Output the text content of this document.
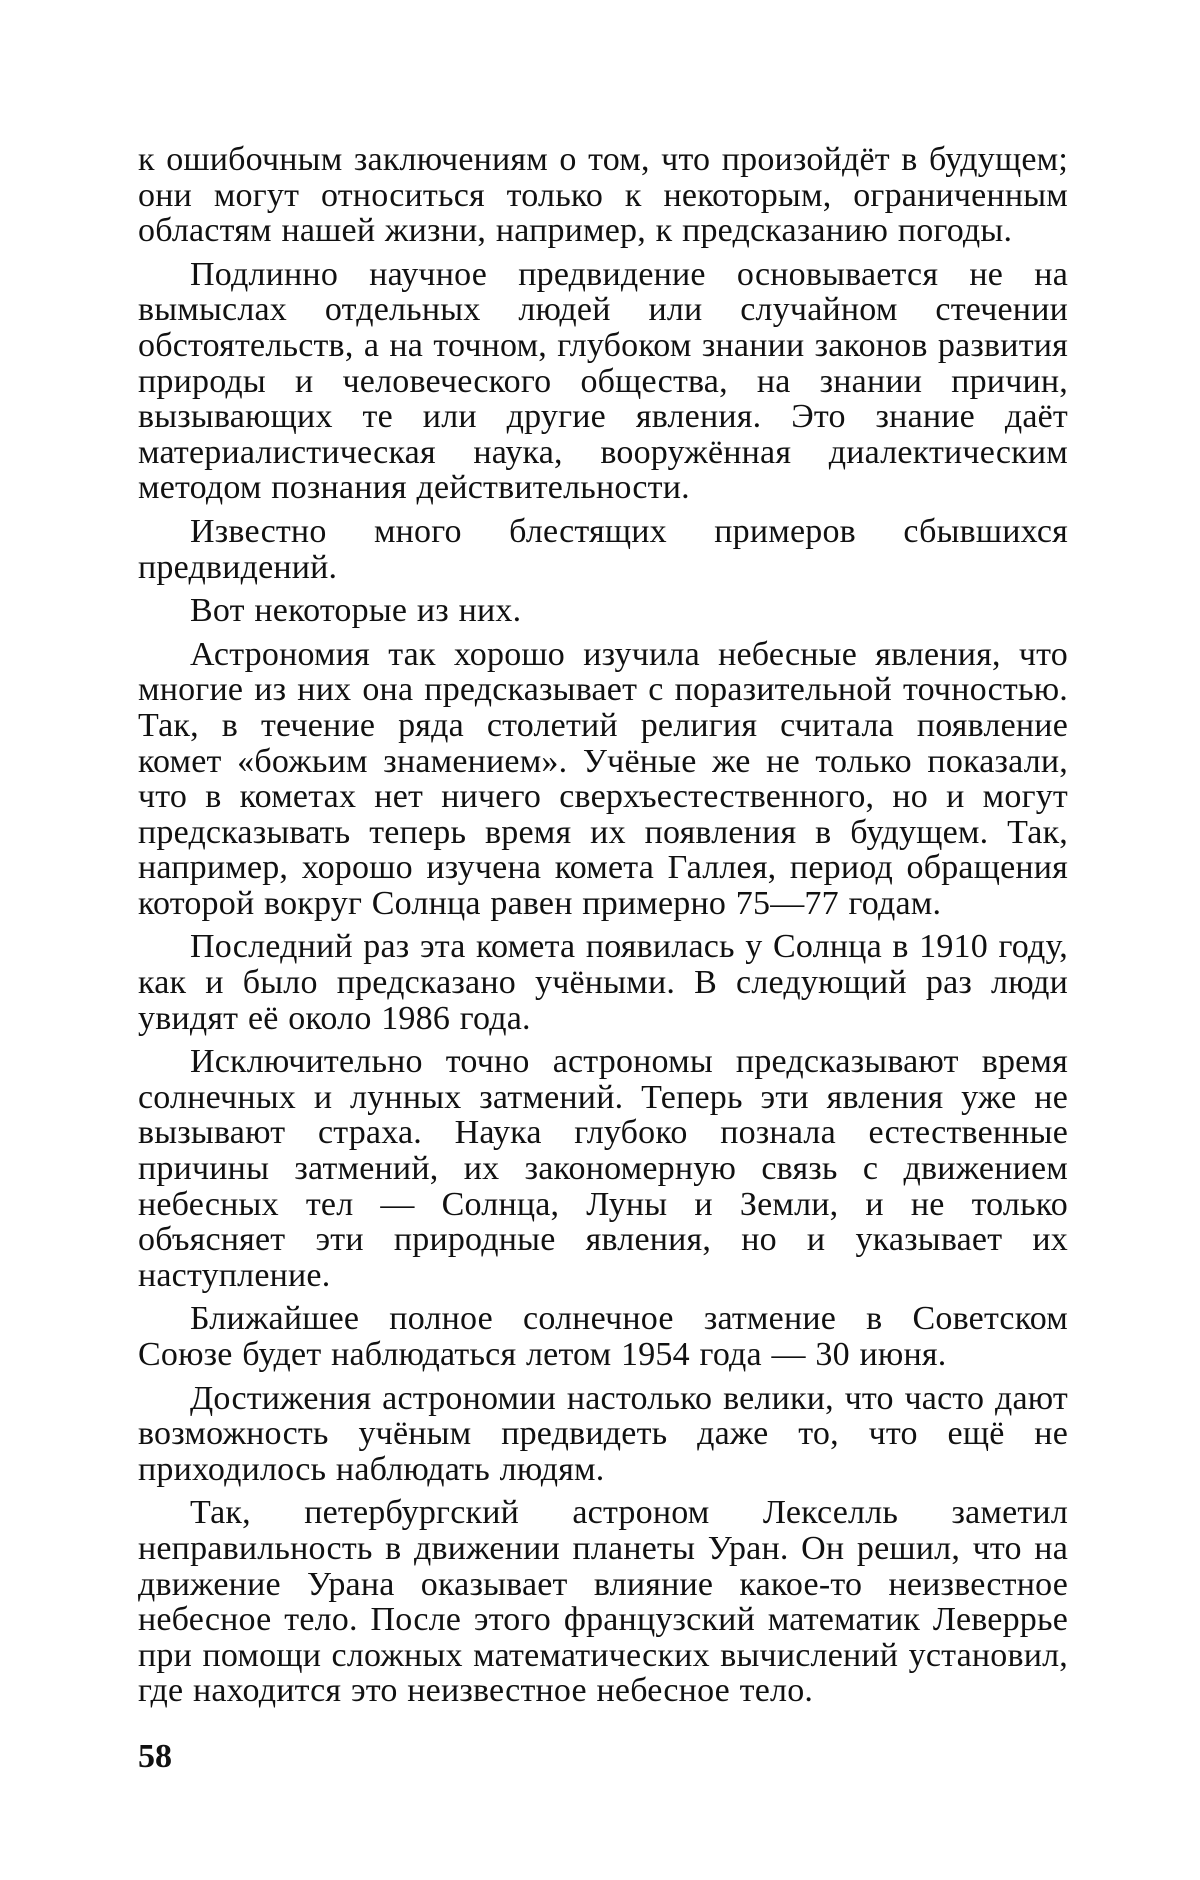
к ошибочным заключениям о том, что произойдёт в будущем; они могут относиться только к некоторым, ограниченным областям нашей жизни, например, к предсказанию погоды.

Подлинно научное предвидение основывается не на вымыслах отдельных людей или случайном стечении обстоятельств, а на точном, глубоком знании законов развития природы и человеческого общества, на знании причин, вызывающих те или другие явления. Это знание даёт материалистическая наука, вооружённая диалектическим методом познания действительности.

Известно много блестящих примеров сбывшихся предвидений.

Вот некоторые из них.

Астрономия так хорошо изучила небесные явления, что многие из них она предсказывает с поразительной точностью. Так, в течение ряда столетий религия считала появление комет «божьим знамением». Учёные же не только показали, что в кометах нет ничего сверхъестественного, но и могут предсказывать теперь время их появления в будущем. Так, например, хорошо изучена комета Галлея, период обращения которой вокруг Солнца равен примерно 75—77 годам.

Последний раз эта комета появилась у Солнца в 1910 году, как и было предсказано учёными. В следующий раз люди увидят её около 1986 года.

Исключительно точно астрономы предсказывают время солнечных и лунных затмений. Теперь эти явления уже не вызывают страха. Наука глубоко познала естественные причины затмений, их закономерную связь с движением небесных тел — Солнца, Луны и Земли, и не только объясняет эти природные явления, но и указывает их наступление.

Ближайшее полное солнечное затмение в Советском Союзе будет наблюдаться летом 1954 года — 30 июня.

Достижения астрономии настолько велики, что часто дают возможность учёным предвидеть даже то, что ещё не приходилось наблюдать людям.

Так, петербургский астроном Лекселль заметил неправильность в движении планеты Уран. Он решил, что на движение Урана оказывает влияние какое-то неизвестное небесное тело. После этого французский математик Леверрье при помощи сложных математических вычислений установил, где находится это неизвестное небесное тело.

58
